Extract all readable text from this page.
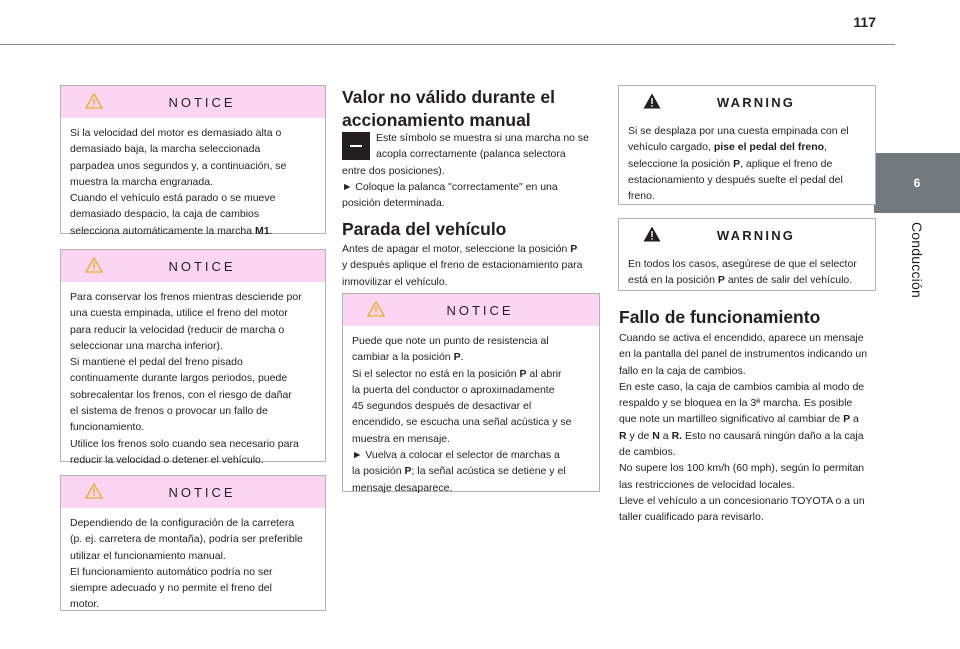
117
6
Conducción
NOTICE

Si la velocidad del motor es demasiado alta o

demasiado baja, la marcha seleccionada

parpadea unos segundos y, a continuación, se

muestra la marcha engranada.

Cuando el vehículo está parado o se mueve

demasiado despacio, la caja de cambios

selecciona automáticamente la marcha M1.

NOTICE

Para conservar los frenos mientras desciende por

una cuesta empinada, utilice el freno del motor

para reducir la velocidad (reducir de marcha o

seleccionar una marcha inferior).

Si mantiene el pedal del freno pisado

continuamente durante largos periodos, puede

sobrecalentar los frenos, con el riesgo de dañar

el sistema de frenos o provocar un fallo de

funcionamiento.

Utilice los frenos solo cuando sea necesario para

reducir la velocidad o detener el vehículo.

NOTICE

Dependiendo de la configuración de la carretera

(p. ej. carretera de montaña), podría ser preferible

utilizar el funcionamiento manual.

El funcionamiento automático podría no ser

siempre adecuado y no permite el freno del

motor.

Valor no válido durante el
accionamiento manual

Este símbolo se muestra si una marcha no se

acopla correctamente (palanca selectora

entre dos posiciones).

► Coloque la palanca "correctamente" en una

posición determinada.

Parada del vehículo

Antes de apagar el motor, seleccione la posición P

y después aplique el freno de estacionamiento para

inmovilizar el vehículo.

NOTICE

Puede que note un punto de resistencia al

cambiar a la posición P.

Si el selector no está en la posición P al abrir

la puerta del conductor o aproximadamente

45 segundos después de desactivar el

encendido, se escucha una señal acústica y se

muestra en mensaje.

► Vuelva a colocar el selector de marchas a

la posición P; la señal acústica se detiene y el

mensaje desaparece.

WARNING

Si se desplaza por una cuesta empinada con el

vehículo cargado, pise el pedal del freno,

seleccione la posición P, aplique el freno de

estacionamiento y después suelte el pedal del

freno.

WARNING

En todos los casos, asegúrese de que el selector

está en la posición P antes de salir del vehículo.

Fallo de funcionamiento

Cuando se activa el encendido, aparece un mensaje

en la pantalla del panel de instrumentos indicando un

fallo en la caja de cambios.

En este caso, la caja de cambios cambia al modo de

respaldo y se bloquea en la 3ª marcha. Es posible

que note un martilleo significativo al cambiar de P a

R y de N a R. Esto no causará ningún daño a la caja

de cambios.

No supere los 100 km/h (60 mph), según lo permitan

las restricciones de velocidad locales.

Lleve el vehículo a un concesionario TOYOTA o a un

taller cualificado para revisarlo.
